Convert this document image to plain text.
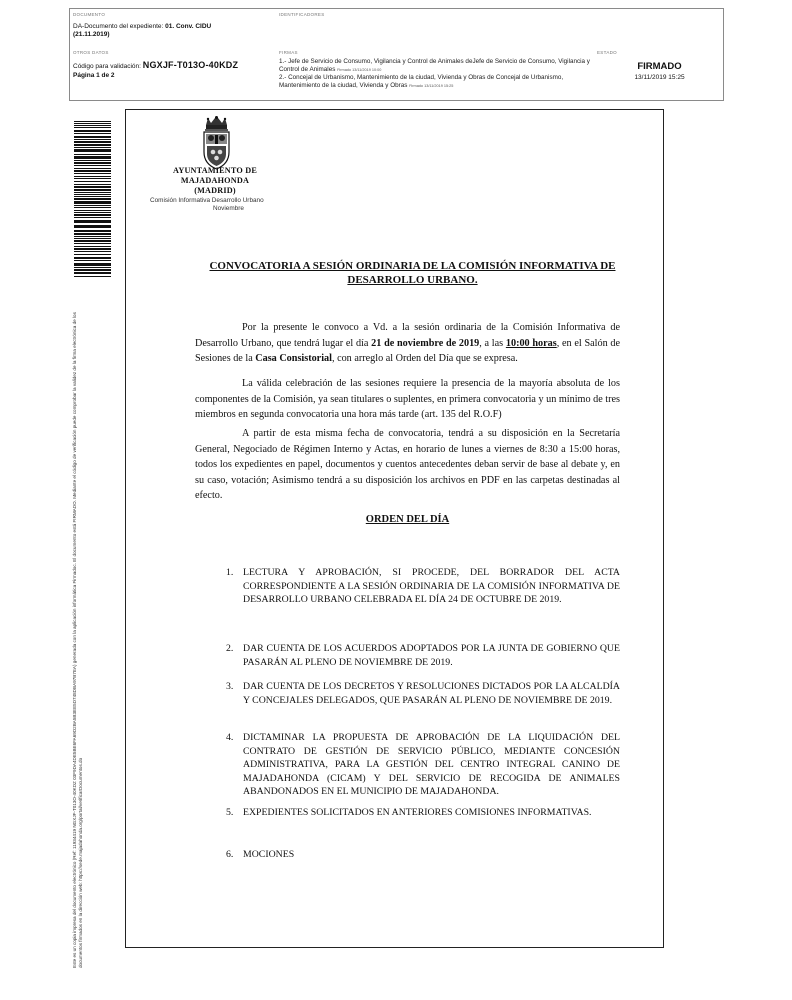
DOCUMENTO
DA-Documento del expediente: 01. Conv. CIDU
(21.11.2019)
IDENTIFICADORES
OTROS DATOS
Código para validación: NGXJF-T013O-40KDZ
Página 1 de 2
FIRMAS
1.- Jefe de Servicio de Consumo, Vigilancia y Control de Animales deJefe de Servicio de Consumo, Vigilancia y Control de Animales Firmado 13/11/2019 10:00
2.- Concejal de Urbanismo, Mantenimiento de la ciudad, Vivienda y Obras de Concejal de Urbanismo, Mantenimiento de la ciudad, Vivienda y Obras Firmado 13/11/2019 15:25
ESTADO
FIRMADO
13/11/2019 15:25
Este es un copia impresa del documento electrónico (Ref: 11934419 NGXJF-T013O-40KDZ 03F9DA4DE5BE6FA69D2BA5B3EE5D748DBA97B7EA) generada con la aplicación informática Firmadoc. El documento está FIRMADO. Mediante el código de verificación puede comprobar la validez de la firma electrónica de los documentos firmados en la dirección web: https://sede.majadahonda.org/portal/verificarDocumentos.do
AYUNTAMIENTO DE
MAJADAHONDA
(MADRID)
Comisión Informativa Desarrollo Urbano
Noviembre
CONVOCATORIA A SESIÓN ORDINARIA DE LA COMISIÓN INFORMATIVA DE DESARROLLO URBANO.
Por la presente le convoco a Vd. a la sesión ordinaria de la Comisión Informativa de Desarrollo Urbano, que tendrá lugar el día 21 de noviembre de 2019, a las 10:00 horas, en el Salón de Sesiones de la Casa Consistorial, con arreglo al Orden del Día que se expresa.
La válida celebración de las sesiones requiere la presencia de la mayoría absoluta de los componentes de la Comisión, ya sean titulares o suplentes, en primera convocatoria y un mínimo de tres miembros en segunda convocatoria una hora más tarde (art. 135 del R.O.F)
A partir de esta misma fecha de convocatoria, tendrá a su disposición en la Secretaría General, Negociado de Régimen Interno y Actas, en horario de lunes a viernes de 8:30 a 15:00 horas, todos los expedientes en papel, documentos y cuentos antecedentes deban servir de base al debate y, en su caso, votación; Asimismo tendrá a su disposición los archivos en PDF en las carpetas destinadas al efecto.
ORDEN DEL DÍA
1. LECTURA Y APROBACIÓN, SI PROCEDE, DEL BORRADOR DEL ACTA CORRESPONDIENTE A LA SESIÓN ORDINARIA DE LA COMISIÓN INFORMATIVA DE DESARROLLO URBANO CELEBRADA EL DÍA 24 DE OCTUBRE DE 2019.
2. DAR CUENTA DE LOS ACUERDOS ADOPTADOS POR LA JUNTA DE GOBIERNO QUE PASARÁN AL PLENO DE NOVIEMBRE DE 2019.
3. DAR CUENTA DE LOS DECRETOS Y RESOLUCIONES DICTADOS POR LA ALCALDÍA Y CONCEJALES DELEGADOS, QUE PASARÁN AL PLENO DE NOVIEMBRE DE 2019.
4. DICTAMINAR LA PROPUESTA DE APROBACIÓN DE LA LIQUIDACIÓN DEL CONTRATO DE GESTIÓN DE SERVICIO PÚBLICO, MEDIANTE CONCESIÓN ADMINISTRATIVA, PARA LA GESTIÓN DEL CENTRO INTEGRAL CANINO DE MAJADAHONDA (CICAM) Y DEL SERVICIO DE RECOGIDA DE ANIMALES ABANDONADOS EN EL MUNICIPIO DE MAJADAHONDA.
5. EXPEDIENTES SOLICITADOS EN ANTERIORES COMISIONES INFORMATIVAS.
6. MOCIONES
